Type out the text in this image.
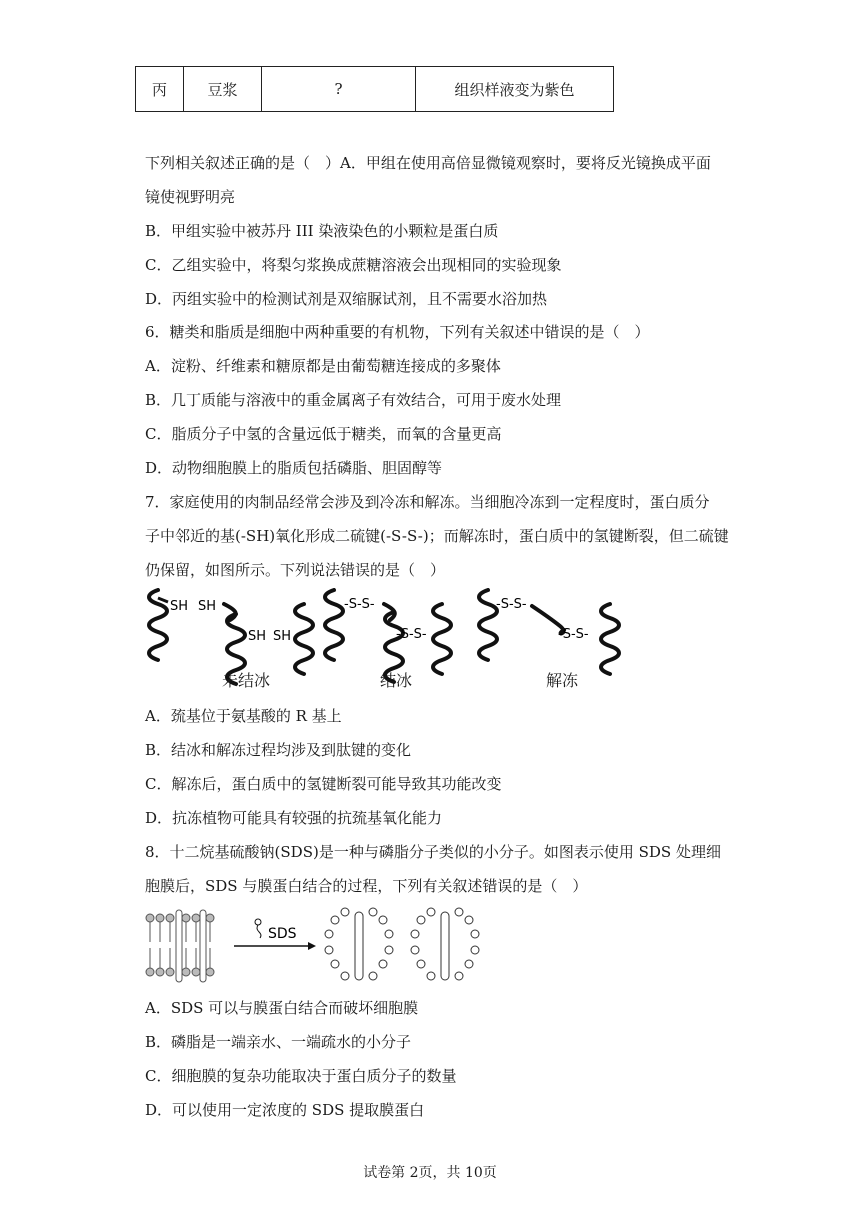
丙	豆浆	?	组织样液变为紫色
下列相关叙述正确的是（　）A．甲组在使用高倍显微镜观察时，要将反光镜换成平面
镜使视野明亮
B．甲组实验中被苏丹 III 染液染色的小颗粒是蛋白质
C．乙组实验中，将梨匀浆换成蔗糖溶液会出现相同的实验现象
D．丙组实验中的检测试剂是双缩脲试剂，且不需要水浴加热
6．糖类和脂质是细胞中两种重要的有机物，下列有关叙述中错误的是（　）
A．淀粉、纤维素和糖原都是由葡萄糖连接成的多聚体
B．几丁质能与溶液中的重金属离子有效结合，可用于废水处理
C．脂质分子中氢的含量远低于糖类，而氧的含量更高
D．动物细胞膜上的脂质包括磷脂、胆固醇等
7．家庭使用的肉制品经常会涉及到冷冻和解冻。当细胞冷冻到一定程度时，蛋白质分
子中邻近的基(-SH)氧化形成二硫键(-S-S-)；而解冻时，蛋白质中的氢键断裂，但二硫键
仍保留，如图所示。下列说法错误的是（　）
SH SH
SH SH
-S-S-
-S-S-
-S-S-
-S-S-
未结冰	结冰	解冻
A．巯基位于氨基酸的 R 基上
B．结冰和解冻过程均涉及到肽键的变化
C．解冻后，蛋白质中的氢键断裂可能导致其功能改变
D．抗冻植物可能具有较强的抗巯基氧化能力
8．十二烷基硫酸钠(SDS)是一种与磷脂分子类似的小分子。如图表示使用 SDS 处理细
胞膜后，SDS 与膜蛋白结合的过程，下列有关叙述错误的是（　）
SDS
A．SDS 可以与膜蛋白结合而破坏细胞膜
B．磷脂是一端亲水、一端疏水的小分子
C．细胞膜的复杂功能取决于蛋白质分子的数量
D．可以使用一定浓度的 SDS 提取膜蛋白
试卷第 2页，共 10页
